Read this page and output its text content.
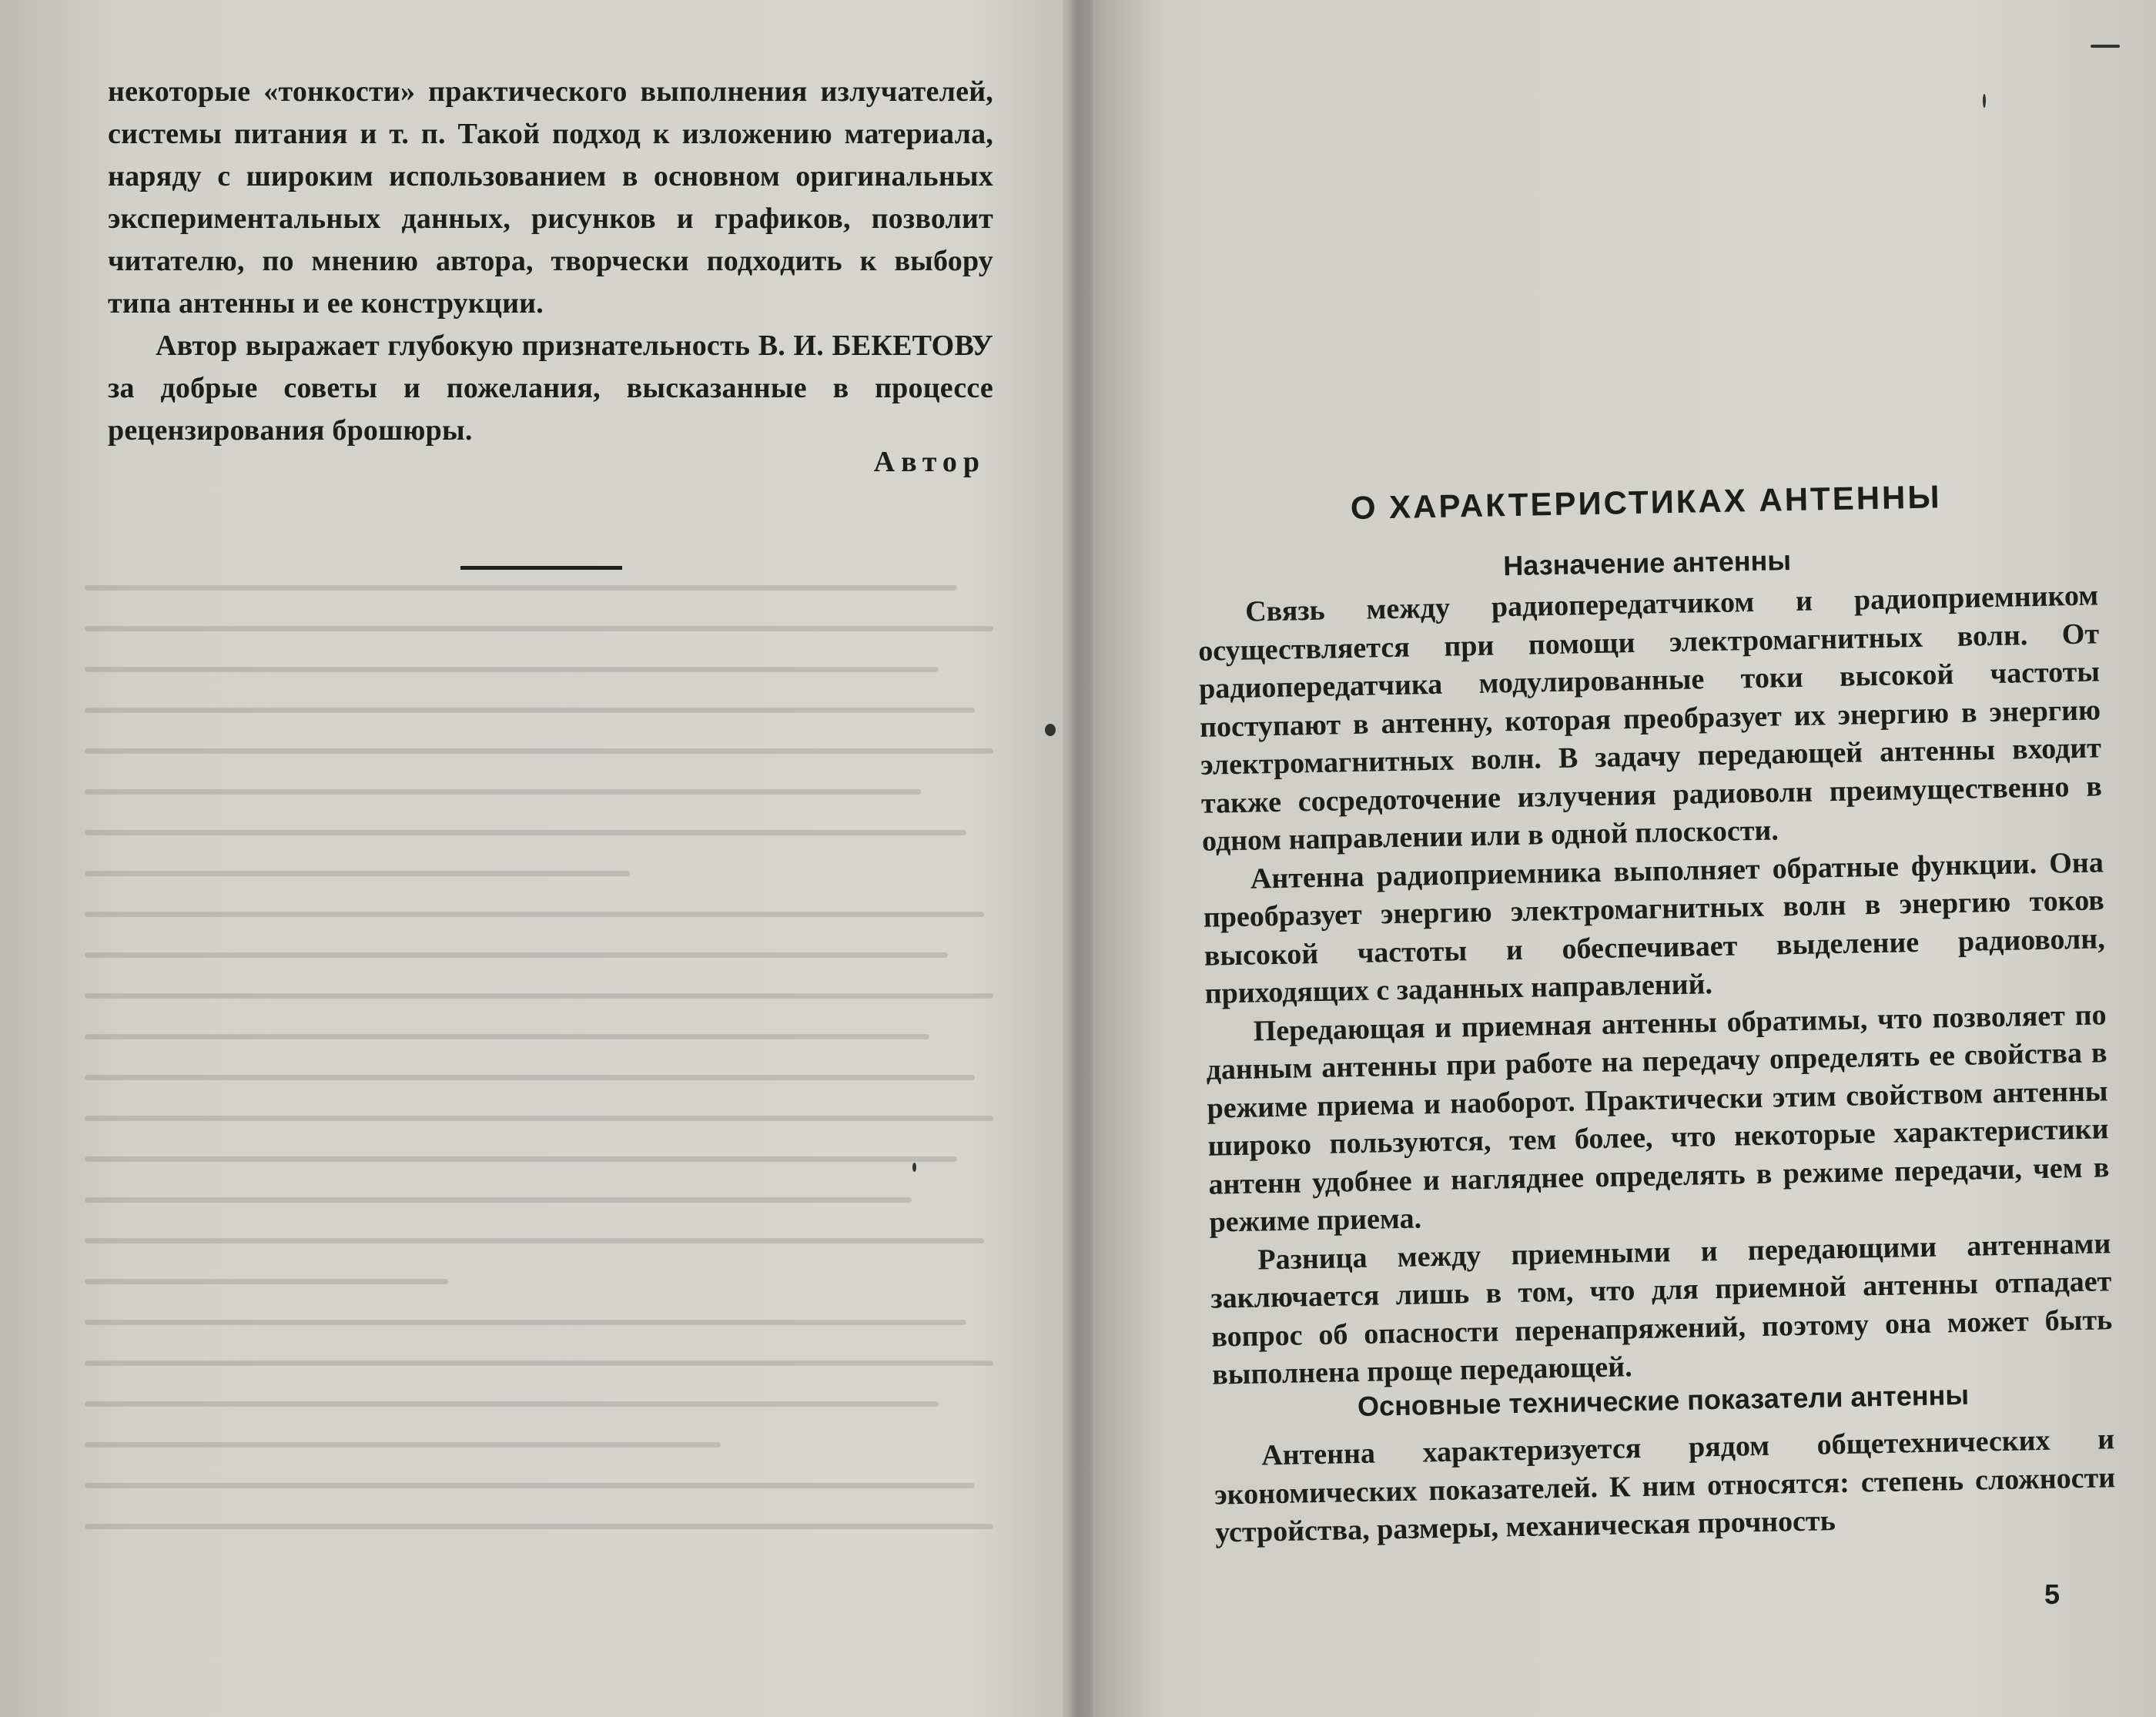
некоторые «тонкости» практического выполнения излучателей, системы питания и т. п. Такой подход к изложению материала, наряду с широким использованием в основном оригинальных экспериментальных данных, рисунков и графиков, позволит читателю, по мнению автора, творчески подходить к выбору типа антенны и ее конструкции.

Автор выражает глубокую признательность В. И. БЕКЕТОВУ за добрые советы и пожелания, высказанные в процессе рецензирования брошюры.

Автор
О ХАРАКТЕРИСТИКАХ АНТЕННЫ
Назначение антенны

Связь между радиопередатчиком и радиоприемником осуществляется при помощи электромагнитных волн. От радиопередатчика модулированные токи высокой частоты поступают в антенну, которая преобразует их энергию в энергию электромагнитных волн. В задачу передающей антенны входит также сосредоточение излучения радиоволн преимущественно в одном направлении или в одной плоскости.

Антенна радиоприемника выполняет обратные функции. Она преобразует энергию электромагнитных волн в энергию токов высокой частоты и обеспечивает выделение радиоволн, приходящих с заданных направлений.

Передающая и приемная антенны обратимы, что позволяет по данным антенны при работе на передачу определять ее свойства в режиме приема и наоборот. Практически этим свойством антенны широко пользуются, тем более, что некоторые характеристики антенн удобнее и нагляднее определять в режиме передачи, чем в режиме приема.

Разница между приемными и передающими антеннами заключается лишь в том, что для приемной антенны отпадает вопрос об опасности перенапряжений, поэтому она может быть выполнена проще передающей.

Основные технические показатели антенны

Антенна характеризуется рядом общетехнических и экономических показателей. К ним относятся: степень сложности устройства, размеры, механическая прочность

5
